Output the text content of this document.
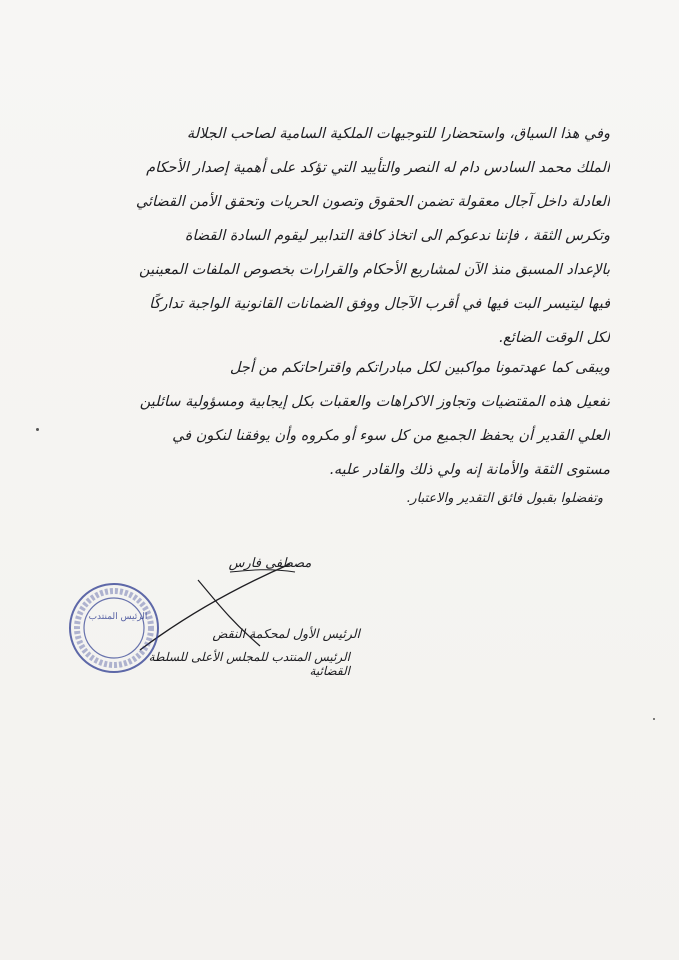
وفي هذا السياق، واستحضارا للتوجيهات الملكية السامية لصاحب الجلالة
الملك محمد السادس دام له النصر والتأييد التي تؤكد على أهمية إصدار الأحكام
العادلة داخل آجال معقولة تضمن الحقوق وتصون الحريات وتحقق الأمن القضائي
وتكرس الثقة ، فإننا ندعوكم الى اتخاذ كافة التدابير ليقوم السادة القضاة
بالإعداد المسبق منذ الآن لمشاريع الأحكام والقرارات بخصوص الملفات المعينين
فيها ليتيسر البت فيها في أقرب الآجال ووفق الضمانات القانونية الواجبة تداركًا
لكل الوقت الضائع.
ويبقى كما عهدتمونا مواكبين لكل مبادراتكم واقتراحاتكم من أجل
تفعيل هذه المقتضيات وتجاوز الاكراهات والعقبات بكل إيجابية ومسؤولية سائلين
العلي القدير أن يحفظ الجميع من كل سوء أو مكروه وأن يوفقنا لنكون في
مستوى الثقة والأمانة إنه ولي ذلك والقادر عليه.
وتفضلوا بقبول فائق التقدير والاعتبار.
مصطفى فارس
الرئيس المنتدب
الرئيس الأول لمحكمة النقض
الرئيس المنتدب للمجلس الأعلى للسلطة القضائية
